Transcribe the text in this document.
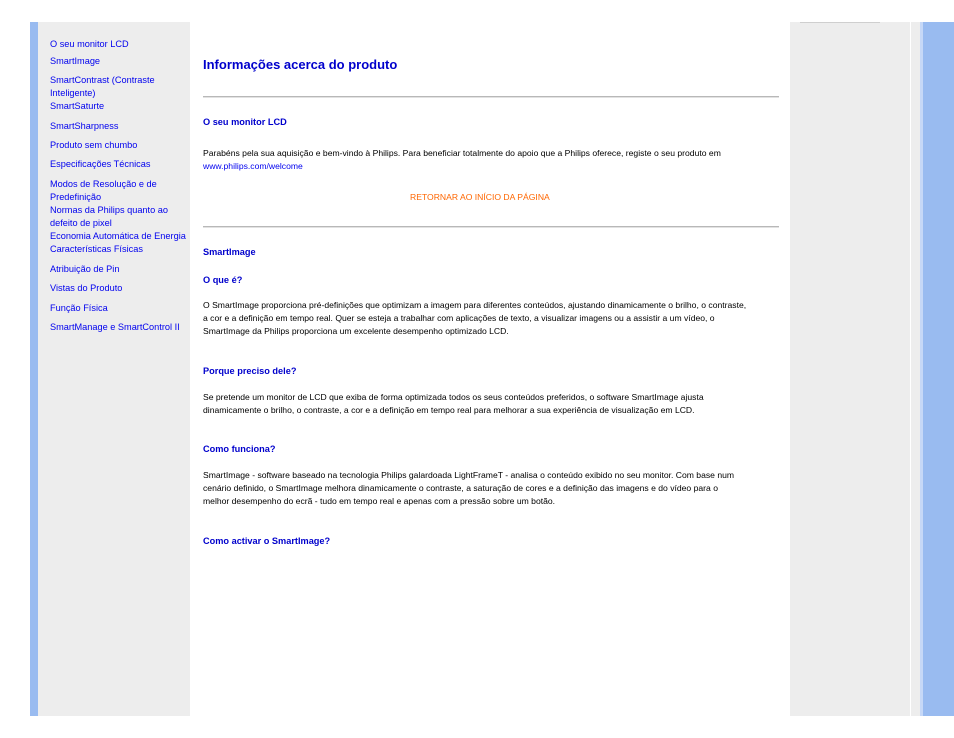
O seu monitor LCD
SmartImage
SmartContrast (Contraste Inteligente)
SmartSaturte
SmartSharpness
Produto sem chumbo
Especificações Técnicas
Modos de Resolução e de Predefinição
Normas da Philips quanto ao defeito de pixel
Economia Automática de Energia
Características Físicas
Atribuição de Pin
Vistas do Produto
Função Física
SmartManage e SmartControl II
Informações acerca do produto
O seu monitor LCD

Parabéns pela sua aquisição e bem-vindo à Philips. Para beneficiar totalmente do apoio que a Philips oferece, registe o seu produto em www.philips.com/welcome

RETORNAR AO INÍCIO DA PÁGINA
SmartImage
O que é?

O SmartImage proporciona pré-definições que optimizam a imagem para diferentes conteúdos, ajustando dinamicamente o brilho, o contraste, a cor e a definição em tempo real. Quer se esteja a trabalhar com aplicações de texto, a visualizar imagens ou a assistir a um vídeo, o SmartImage da Philips proporciona um excelente desempenho optimizado LCD.

Porque preciso dele?

Se pretende um monitor de LCD que exiba de forma optimizada todos os seus conteúdos preferidos, o software SmartImage ajusta dinamicamente o brilho, o contraste, a cor e a definição em tempo real para melhorar a sua experiência de visualização em LCD.

Como funciona?

SmartImage - software baseado na tecnologia Philips galardoada LightFrameT - analisa o conteúdo exibido no seu monitor. Com base num cenário definido, o SmartImage melhora dinamicamente o contraste, a saturação de cores e a definição das imagens e do vídeo para o melhor desempenho do ecrã - tudo em tempo real e apenas com a pressão sobre um botão.

Como activar o SmartImage?
